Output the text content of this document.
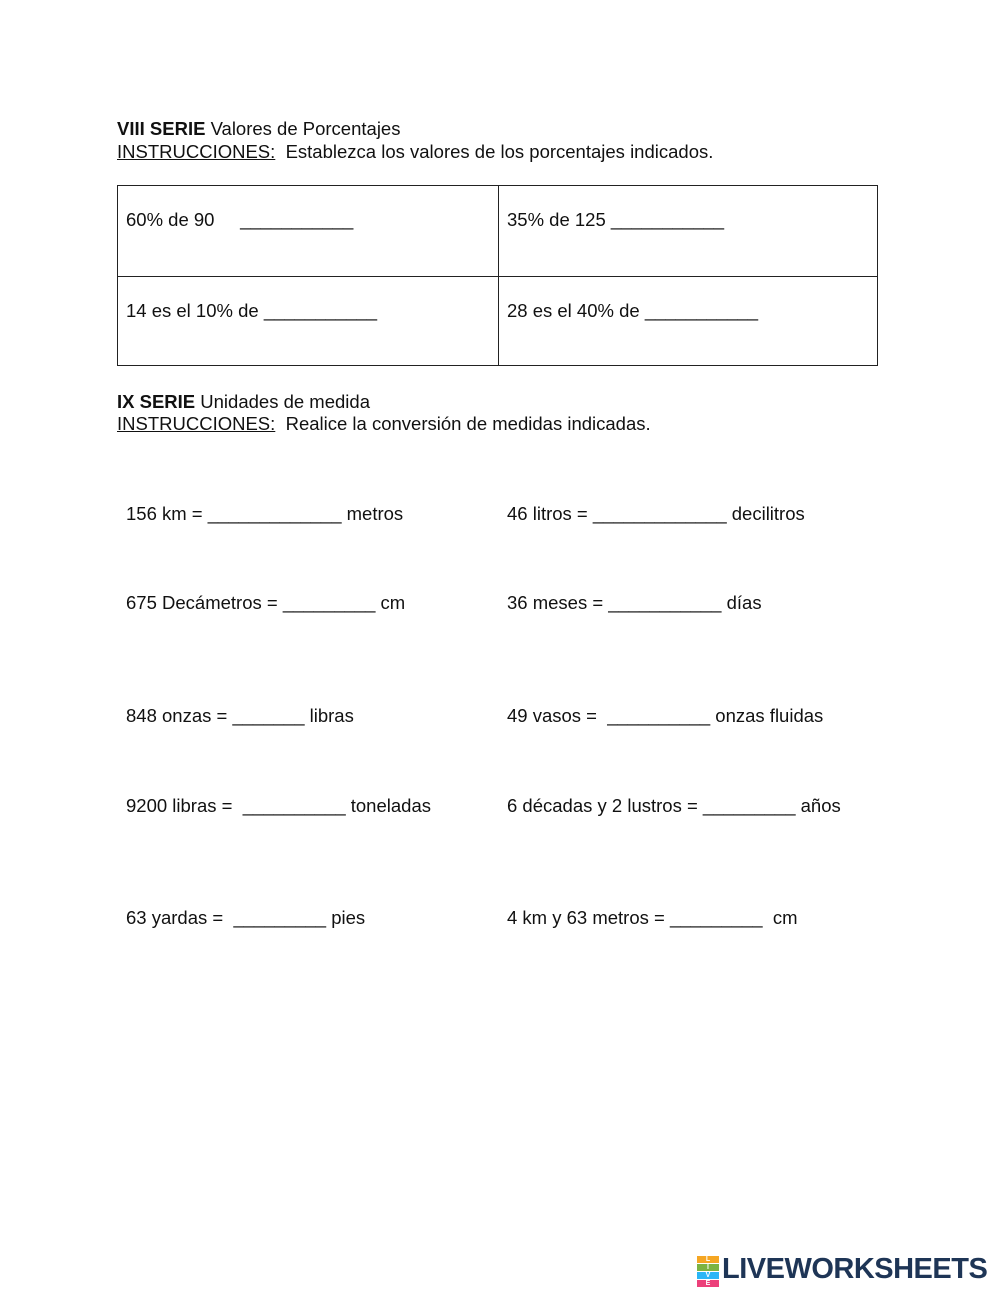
VIII SERIE Valores de Porcentajes
INSTRUCCIONES: Establezca los valores de los porcentajes indicados.
60% de 90     ___________	35% de 125 ___________
14 es el 10% de ___________	28 es el 40% de ___________
IX SERIE Unidades de medida
INSTRUCCIONES: Realice la conversión de medidas indicadas.
156 km = _____________ metros	46 litros = _____________ decilitros
675 Decámetros = _________ cm	36 meses = ___________ días
848 onzas = _______ libras	49 vasos =  __________ onzas fluidas
9200 libras =  __________ toneladas	6 décadas y 2 lustros = _________ años
63 yardas =  _________ pies	4 km y 63 metros = _________  cm
L
I
V
E LIVEWORKSHEETS
